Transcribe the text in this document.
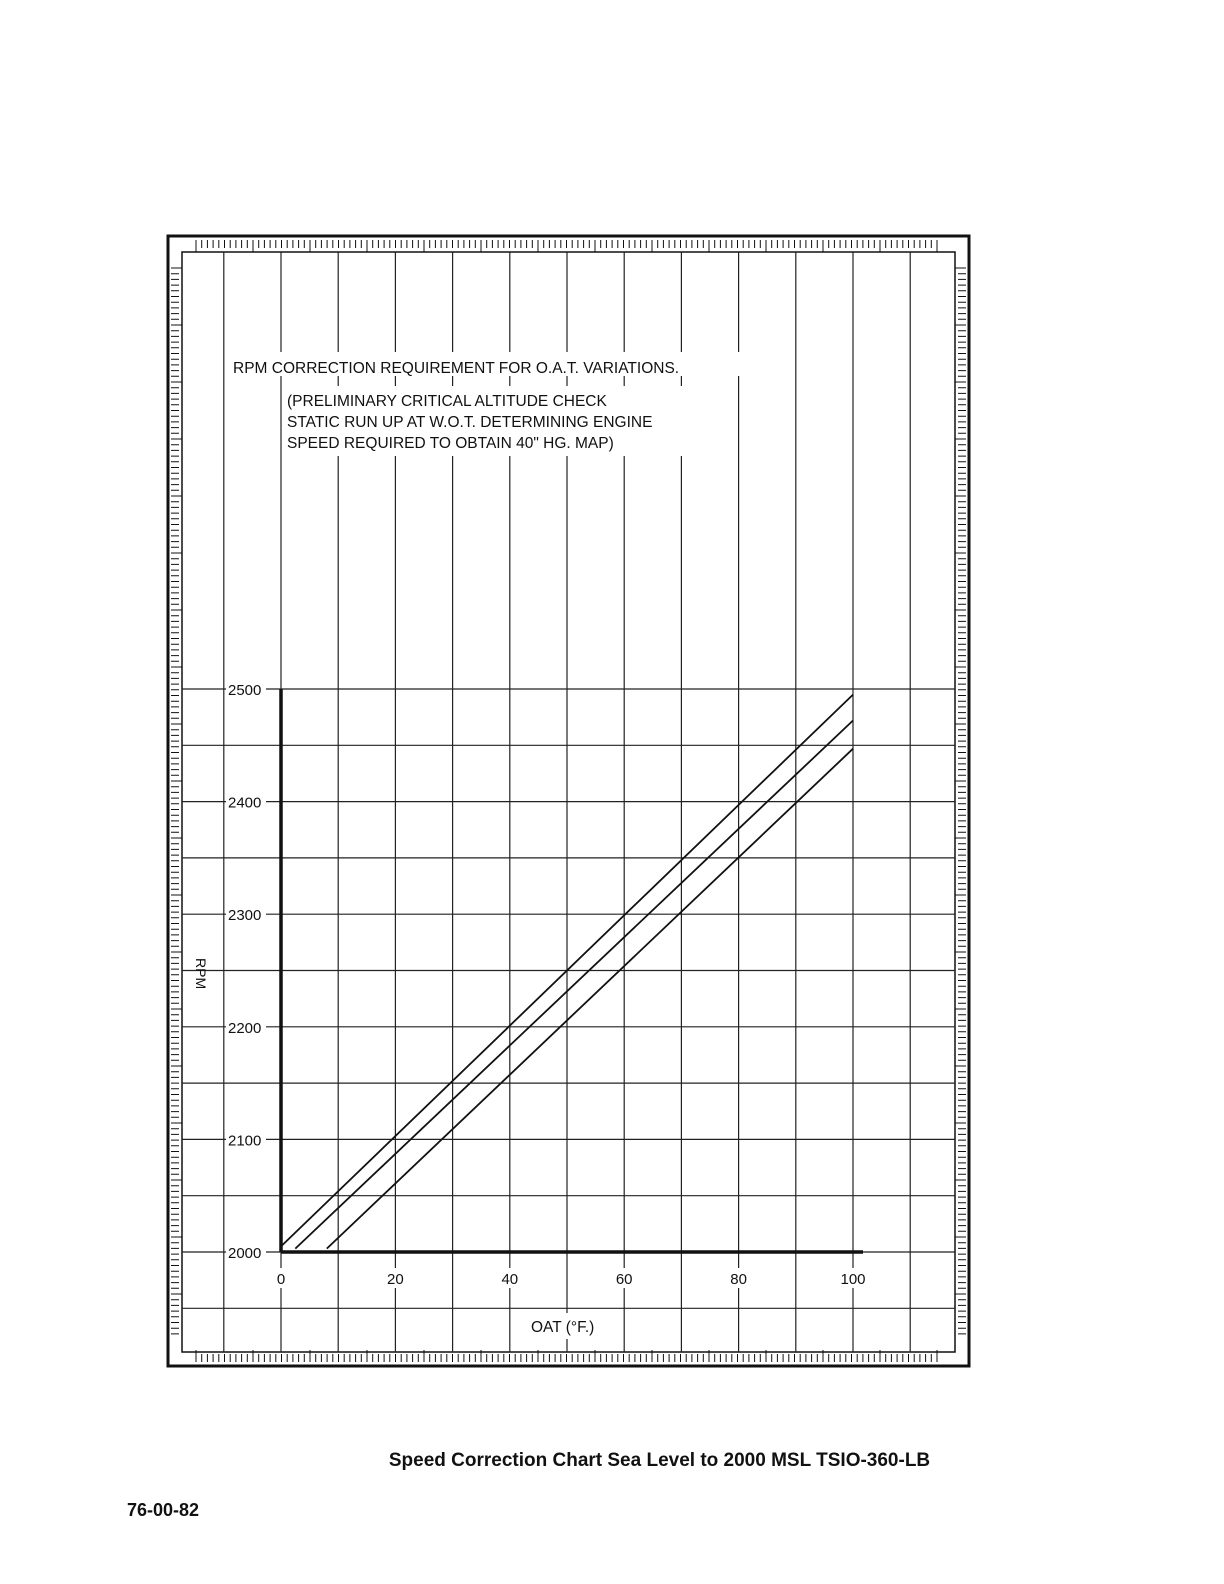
RPM CORRECTION REQUIREMENT FOR O.A.T. VARIATIONS.
(PRELIMINARY CRITICAL ALTITUDE CHECK
STATIC RUN UP AT W.O.T. DETERMINING ENGINE
SPEED REQUIRED TO OBTAIN 40" HG. MAP)
2000
2100
2200
2300
2400
2500
0	20	40	60	80	100
OAT (°F.)
RPM
Speed Correction Chart Sea Level to 2000 MSL TSIO-360-LB
76-00-82
